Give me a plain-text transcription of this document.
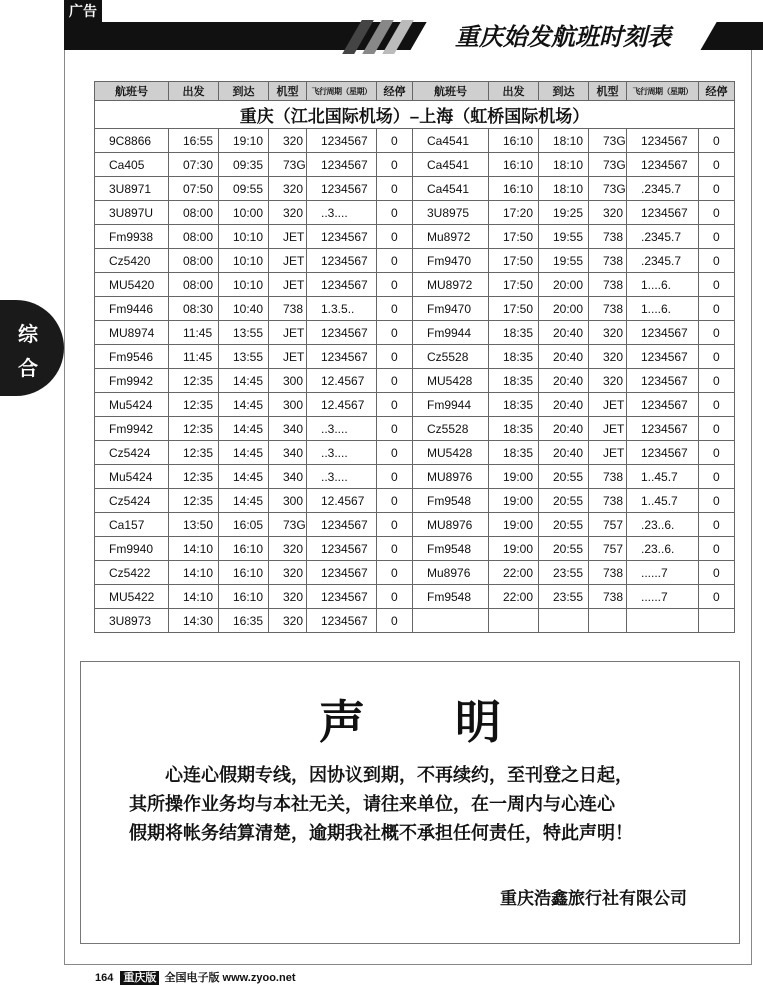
广告
重庆始发航班时刻表
综
合
航班号	出发	到达	机型	飞行周期（星期）	经停	航班号	出发	到达	机型	飞行周期（星期）	经停
重庆（江北国际机场）–上海（虹桥国际机场）											
9C8866	16:55	19:10	320	1234567	0	Ca4541	16:10	18:10	73G	1234567	0
Ca405	07:30	09:35	73G	1234567	0	Ca4541	16:10	18:10	73G	1234567	0
3U8971	07:50	09:55	320	1234567	0	Ca4541	16:10	18:10	73G	.2345.7	0
3U897U	08:00	10:00	320	..3....	0	3U8975	17:20	19:25	320	1234567	0
Fm9938	08:00	10:10	JET	1234567	0	Mu8972	17:50	19:55	738	.2345.7	0
Cz5420	08:00	10:10	JET	1234567	0	Fm9470	17:50	19:55	738	.2345.7	0
MU5420	08:00	10:10	JET	1234567	0	MU8972	17:50	20:00	738	1....6.	0
Fm9446	08:30	10:40	738	1.3.5..	0	Fm9470	17:50	20:00	738	1....6.	0
MU8974	11:45	13:55	JET	1234567	0	Fm9944	18:35	20:40	320	1234567	0
Fm9546	11:45	13:55	JET	1234567	0	Cz5528	18:35	20:40	320	1234567	0
Fm9942	12:35	14:45	300	12.4567	0	MU5428	18:35	20:40	320	1234567	0
Mu5424	12:35	14:45	300	12.4567	0	Fm9944	18:35	20:40	JET	1234567	0
Fm9942	12:35	14:45	340	..3....	0	Cz5528	18:35	20:40	JET	1234567	0
Cz5424	12:35	14:45	340	..3....	0	MU5428	18:35	20:40	JET	1234567	0
Mu5424	12:35	14:45	340	..3....	0	MU8976	19:00	20:55	738	1..45.7	0
Cz5424	12:35	14:45	300	12.4567	0	Fm9548	19:00	20:55	738	1..45.7	0
Ca157	13:50	16:05	73G	1234567	0	MU8976	19:00	20:55	757	.23..6.	0
Fm9940	14:10	16:10	320	1234567	0	Fm9548	19:00	20:55	757	.23..6.	0
Cz5422	14:10	16:10	320	1234567	0	Mu8976	22:00	23:55	738	......7	0
MU5422	14:10	16:10	320	1234567	0	Fm9548	22:00	23:55	738	......7	0
3U8973	14:30	16:35	320	1234567	0						
声明
心连心假期专线，因协议到期，不再续约，至刊登之日起，
其所操作业务均与本社无关，请往来单位，在一周内与心连心
假期将帐务结算清楚，逾期我社概不承担任何责任，特此声明！
重庆浩鑫旅行社有限公司
164 重庆版 全国电子版 www.zyoo.net
